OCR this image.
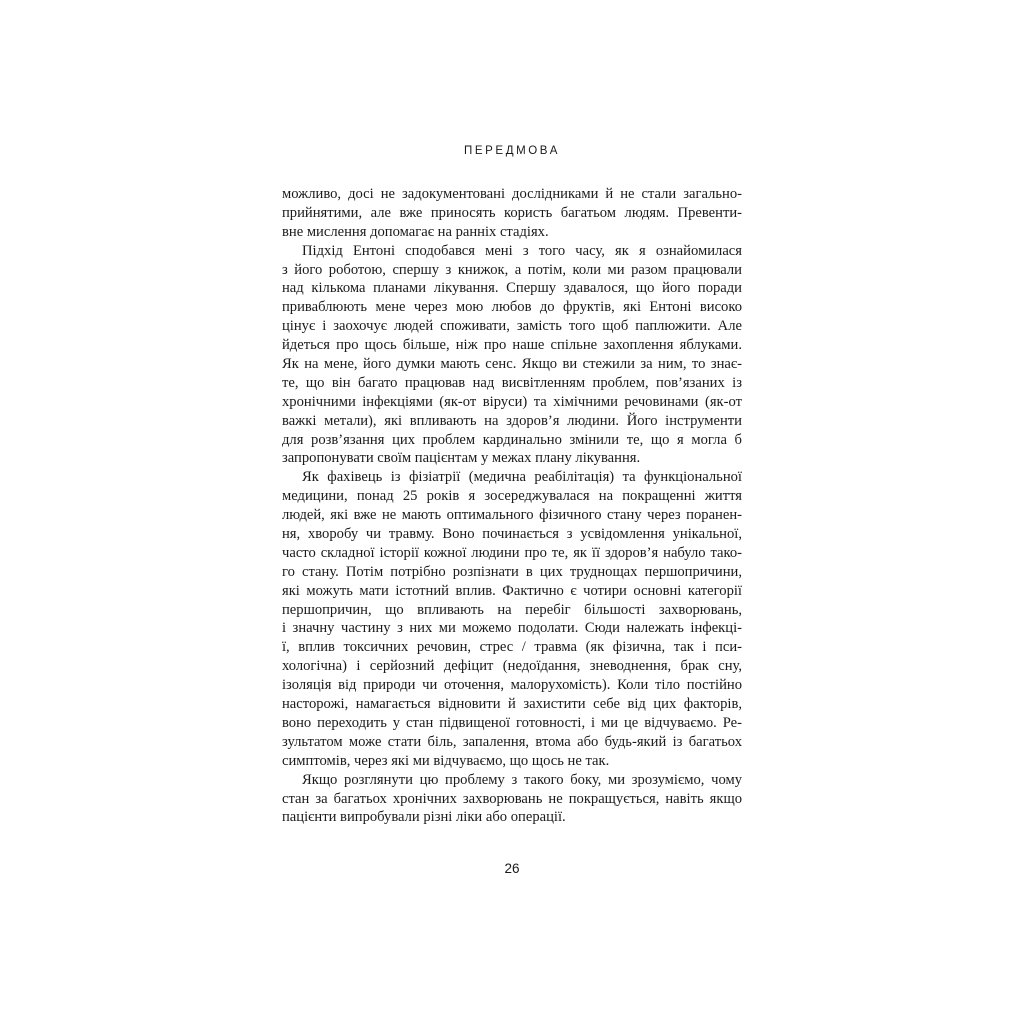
ПЕРЕДМОВА
можливо, досі не задокументовані дослідниками й не стали загально-
прийнятими, але вже приносять користь багатьом людям. Превенти-
вне мислення допомагає на ранніх стадіях.
Підхід Ентоні сподобався мені з того часу, як я ознайомилася
з його роботою, спершу з книжок, а потім, коли ми разом працювали
над кількома планами лікування. Спершу здавалося, що його поради
приваблюють мене через мою любов до фруктів, які Ентоні високо
цінує і заохочує людей споживати, замість того щоб паплюжити. Але
йдеться про щось більше, ніж про наше спільне захоплення яблуками.
Як на мене, його думки мають сенс. Якщо ви стежили за ним, то знає-
те, що він багато працював над висвітленням проблем, пов’язаних із
хронічними інфекціями (як-от віруси) та хімічними речовинами (як-от
важкі метали), які впливають на здоров’я людини. Його інструменти
для розв’язання цих проблем кардинально змінили те, що я могла б
запропонувати своїм пацієнтам у межах плану лікування.
Як фахівець із фізіатрії (медична реабілітація) та функціональної
медицини, понад 25 років я зосереджувалася на покращенні життя
людей, які вже не мають оптимального фізичного стану через поранен-
ня, хворобу чи травму. Воно починається з усвідомлення унікальної,
часто складної історії кожної людини про те, як її здоров’я набуло тако-
го стану. Потім потрібно розпізнати в цих труднощах першопричини,
які можуть мати істотний вплив. Фактично є чотири основні категорії
першопричин, що впливають на перебіг більшості захворювань,
і значну частину з них ми можемо подолати. Сюди належать інфекці-
ї, вплив токсичних речовин, стрес / травма (як фізична, так і пси-
хологічна) і серйозний дефіцит (недоїдання, зневоднення, брак сну,
ізоляція від природи чи оточення, малорухомість). Коли тіло постійно
насторожі, намагається відновити й захистити себе від цих факторів,
воно переходить у стан підвищеної готовності, і ми це відчуваємо. Ре-
зультатом може стати біль, запалення, втома або будь-який із багатьох
симптомів, через які ми відчуваємо, що щось не так.
Якщо розглянути цю проблему з такого боку, ми зрозуміємо, чому
стан за багатьох хронічних захворювань не покращується, навіть якщо
пацієнти випробували різні ліки або операції.
26
